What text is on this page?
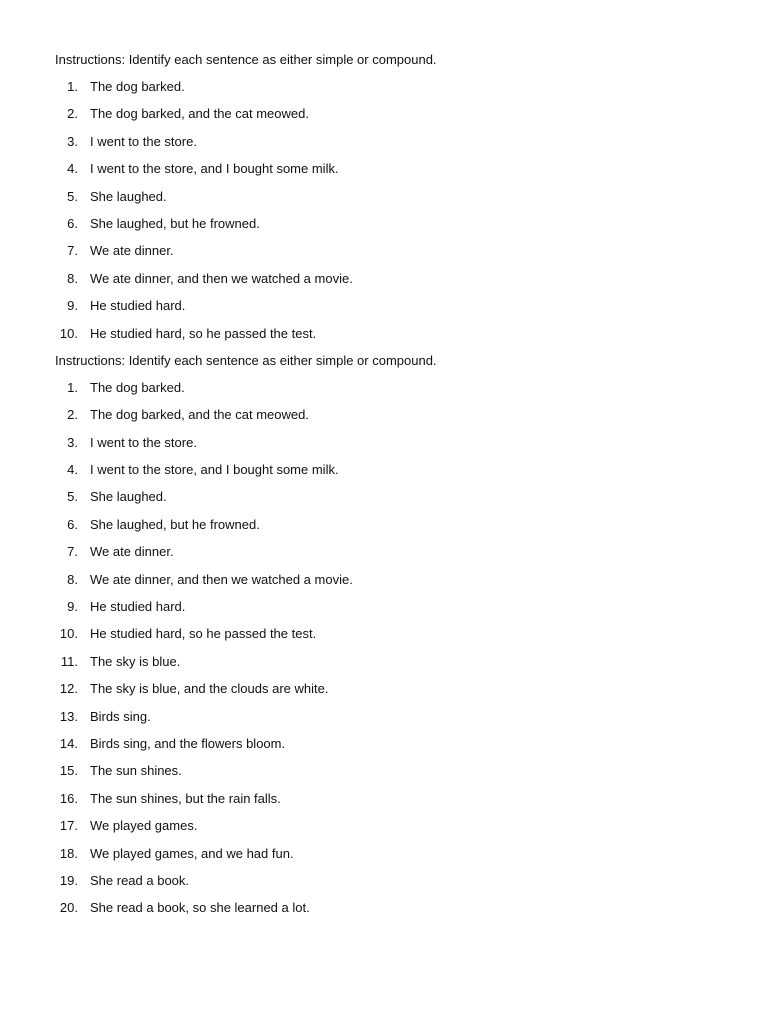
Instructions: Identify each sentence as either simple or compound.
1. The dog barked.
2. The dog barked, and the cat meowed.
3. I went to the store.
4. I went to the store, and I bought some milk.
5. She laughed.
6. She laughed, but he frowned.
7. We ate dinner.
8. We ate dinner, and then we watched a movie.
9. He studied hard.
10. He studied hard, so he passed the test.
Instructions: Identify each sentence as either simple or compound.
1. The dog barked.
2. The dog barked, and the cat meowed.
3. I went to the store.
4. I went to the store, and I bought some milk.
5. She laughed.
6. She laughed, but he frowned.
7. We ate dinner.
8. We ate dinner, and then we watched a movie.
9. He studied hard.
10. He studied hard, so he passed the test.
11. The sky is blue.
12. The sky is blue, and the clouds are white.
13. Birds sing.
14. Birds sing, and the flowers bloom.
15. The sun shines.
16. The sun shines, but the rain falls.
17. We played games.
18. We played games, and we had fun.
19. She read a book.
20. She read a book, so she learned a lot.
